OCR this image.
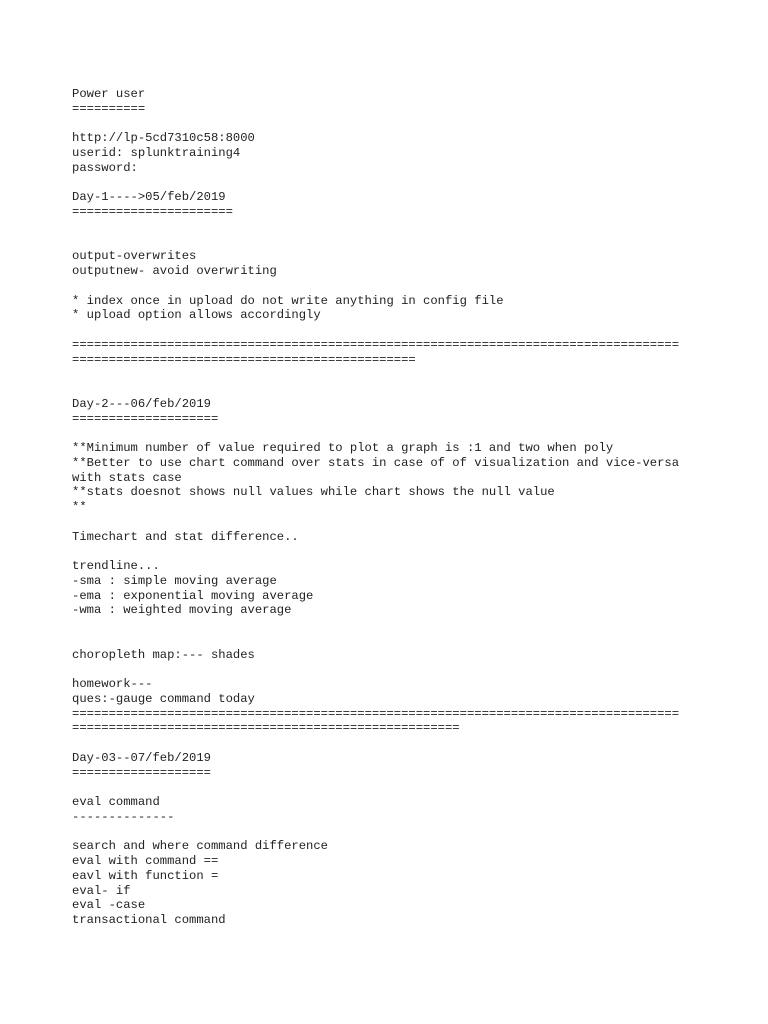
Power user
==========
http://lp-5cd7310c58:8000
userid: splunktraining4
password:
Day-1---->05/feb/2019
======================
output-overwrites
outputnew- avoid overwriting
* index once in upload do not write anything in config file
* upload option allows accordingly
===================================================================================
===============================================
Day-2---06/feb/2019
====================
**Minimum number of value required to plot a graph is :1 and two when poly
**Better to use chart command over stats in case of of visualization and vice-versa
with stats case
**stats doesnot shows null values while chart shows the null value
**
Timechart and stat difference..
trendline...
-sma : simple moving average
-ema : exponential moving average
-wma : weighted moving average
choropleth map:--- shades
homework---
ques:-gauge command today
===================================================================================
=====================================================
Day-03--07/feb/2019
===================
eval command
--------------
search and where command difference
eval with command ==
eavl with function =
eval- if
eval -case
transactional command
